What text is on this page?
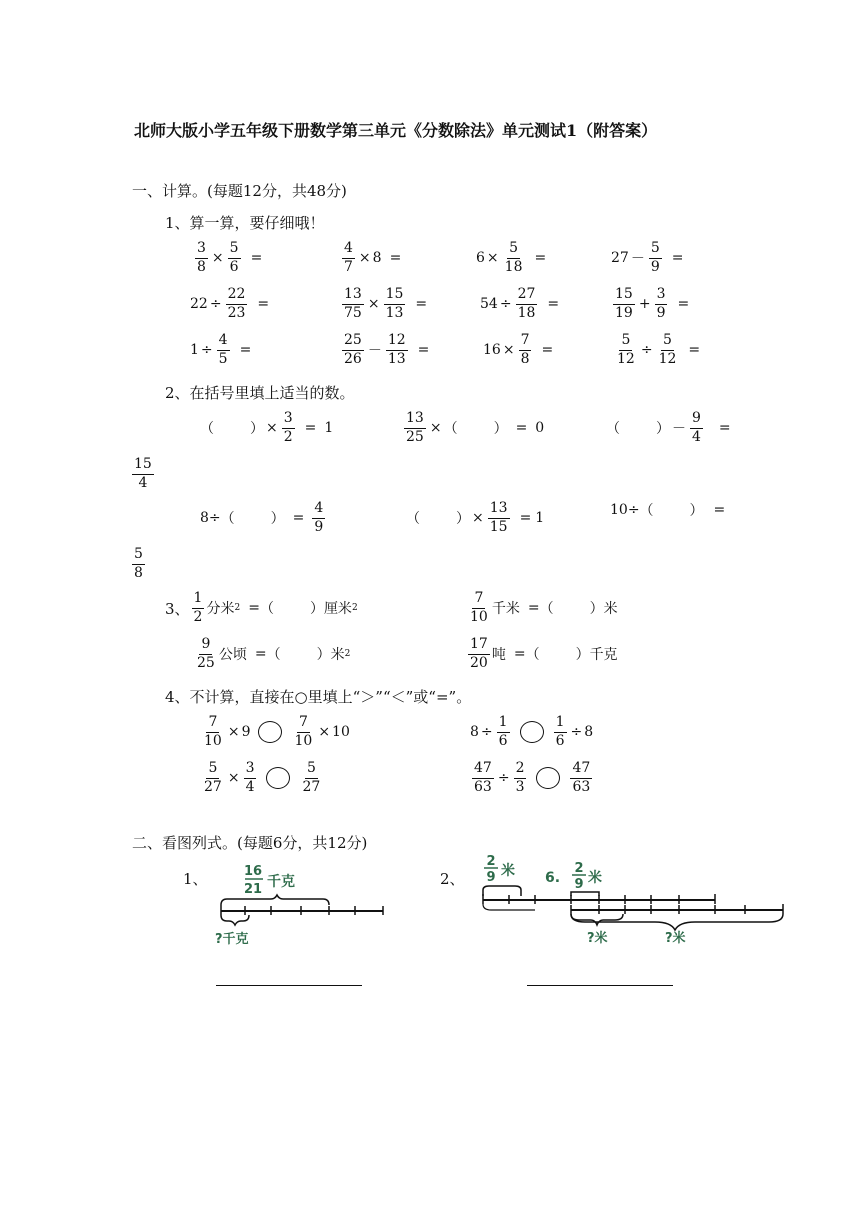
北师大版小学五年级下册数学第三单元《分数除法》单元测试1（附答案）
一、计算。(每题12分，共48分)
1、算一算，要仔细哦！
$\frac{3}{8} \times \frac{5}{6}$ =	$\frac{4}{7} \times 8$ =	$6 \times \frac{5}{18}$ =	$27 - \frac{5}{9}$ =
$22 \div \frac{22}{23}$ =	$\frac{13}{75} \times \frac{15}{13}$ =	$54 \div \frac{27}{18}$ =	$\frac{15}{19} + \frac{3}{9}$ =
$1 \div \frac{4}{5}$ =	$\frac{25}{26} - \frac{12}{13}$ =	$16 \times \frac{7}{8}$ =	$\frac{5}{12} \div \frac{5}{12}$ =
2、在括号里填上适当的数。
（	） × $\frac{3}{2} = 1$	$\frac{13}{25}$ × （	） = 0	（	） － $\frac{9}{4}$ =
$\frac{15}{4}$
8÷ （	） = $\frac{4}{9}$	（	） × $\frac{13}{15} = 1$	10÷ （	） =
$\frac{5}{8}$
3、 $\frac{1}{2}$ 分米 2 = （	） 厘米 2	$\frac{7}{10}$ 千米 = （	） 米
$\frac{9}{25}$ 公顷 = （	） 米 2	$\frac{17}{20}$ 吨 = （	） 千克
4、不计算，直接在○里填上“＞”“＜”或“=”。
$\frac{7}{10} \times 9$	$\frac{7}{10} \times 10$	$8 \div \frac{1}{6}$	$\frac{1}{6} \div 8$
$\frac{5}{27} \times \frac{3}{4}$	$\frac{5}{27}$	$\frac{47}{63} \div \frac{2}{3}$	$\frac{47}{63}$
二、看图列式。(每题6分，共12分)
1、	2、
16
21 千克
?千克
2
9 米 6.
2
9 米
?米	?米
